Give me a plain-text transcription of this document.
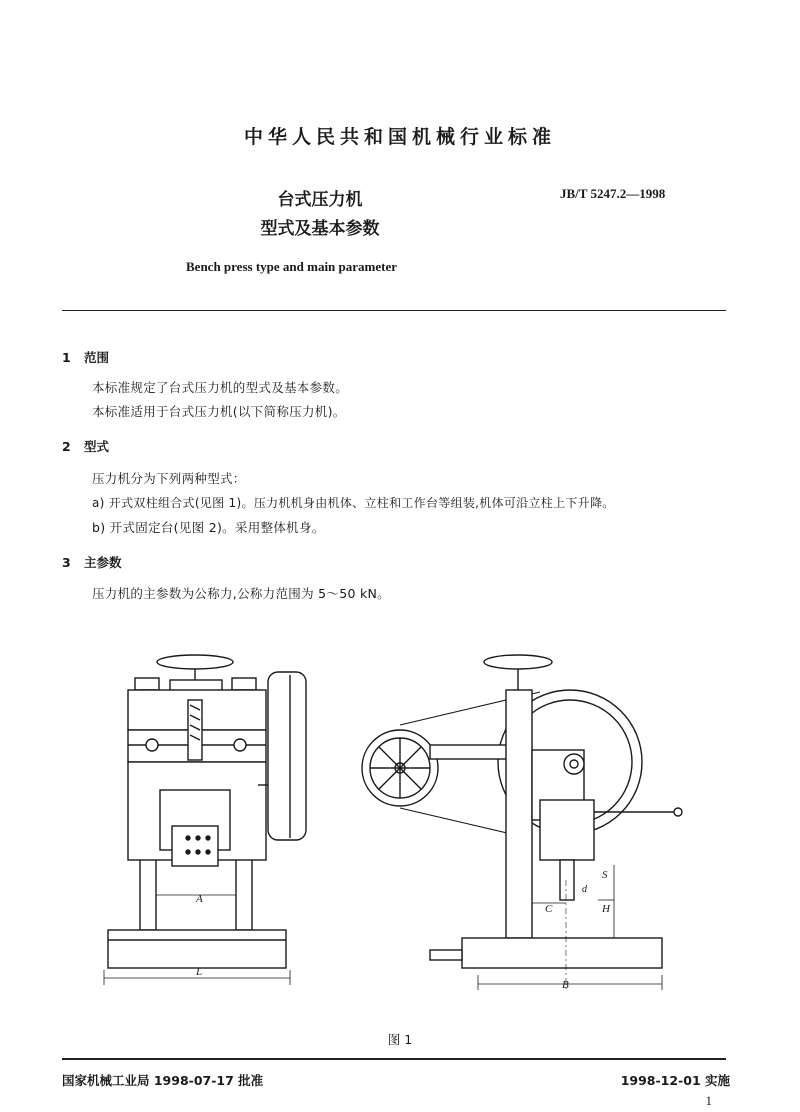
中华人民共和国机械行业标准
台式压力机
型式及基本参数
JB/T 5247.2—1998
Bench press type and main parameter
1 范围
本标准规定了台式压力机的型式及基本参数。
本标准适用于台式压力机(以下简称压力机)。
2 型式
压力机分为下列两种型式：
a) 开式双柱组合式(见图 1)。压力机机身由机体、立柱和工作台等组装,机体可沿立柱上下升降。
b) 开式固定台(见图 2)。采用整体机身。
3 主参数
压力机的主参数为公称力,公称力范围为 5～50 kN。
A
L
B
C	H
S
d
图 1
国家机械工业局 1998-07-17 批准	1998-12-01 实施
1
